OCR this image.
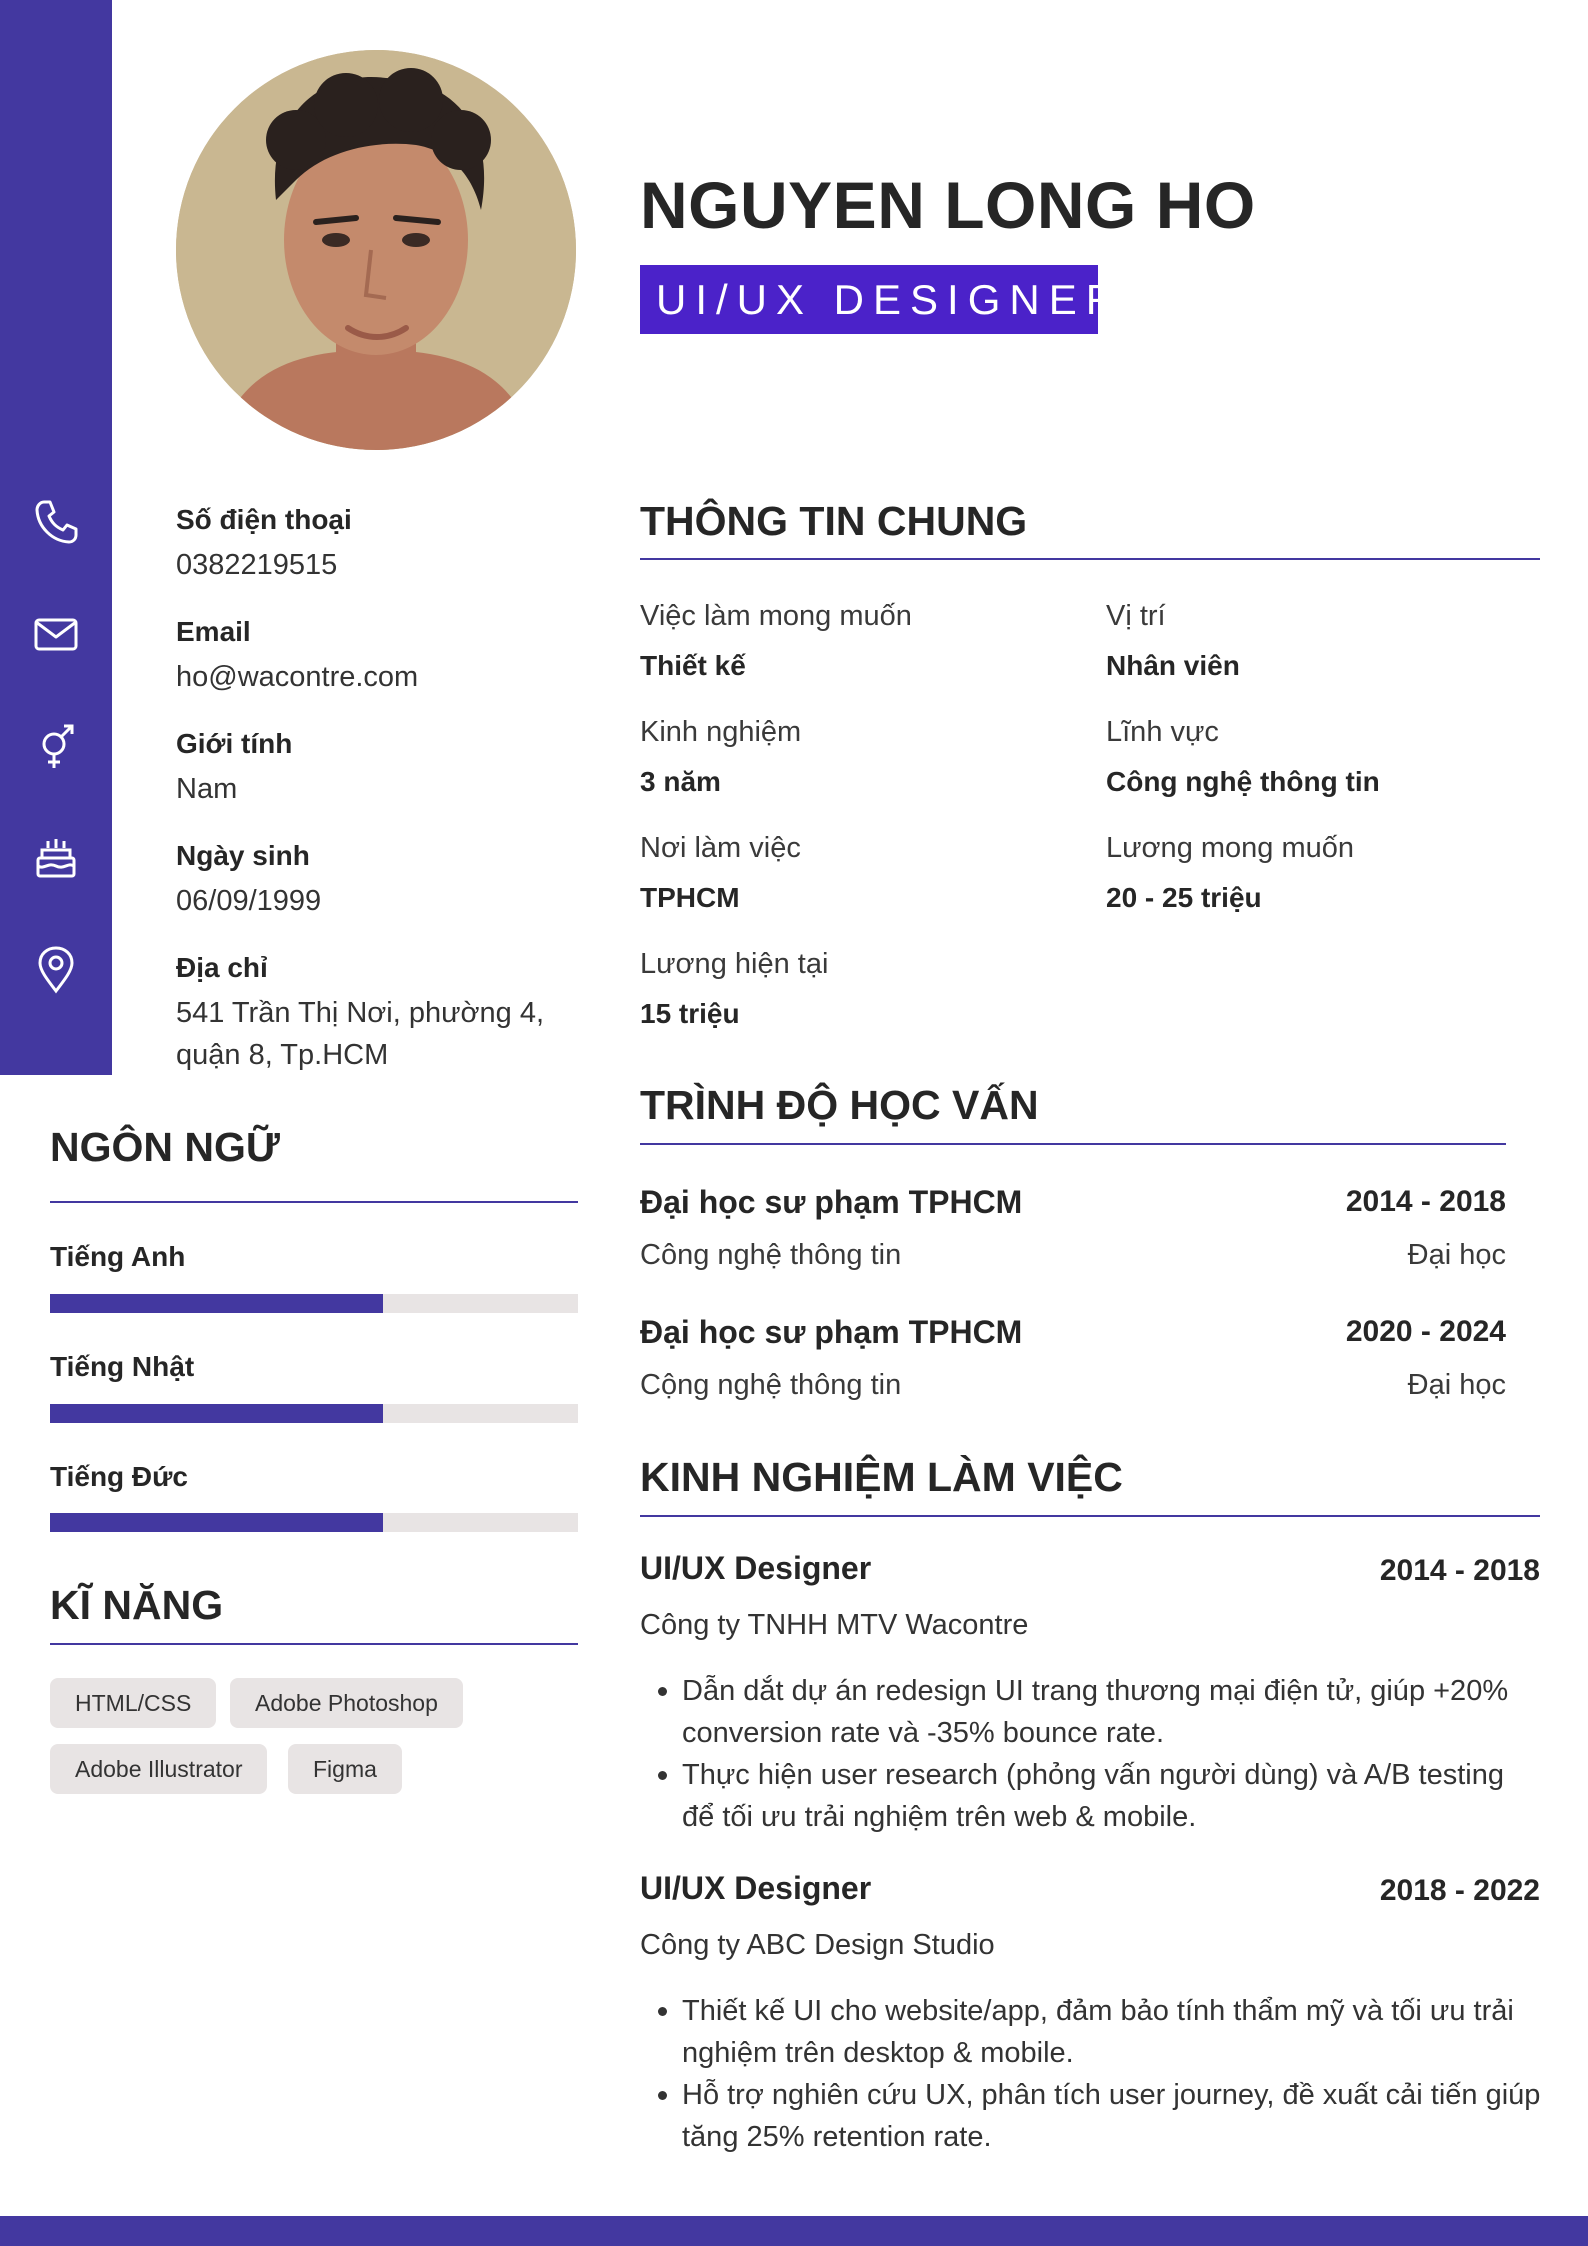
NGUYEN LONG HO
UI/UX DESIGNER
Số điện thoại
0382219515
Email
ho@wacontre.com
Giới tính
Nam
Ngày sinh
06/09/1999
Địa chỉ
541 Trần Thị Nơi, phường 4, quận 8, Tp.HCM
THÔNG TIN CHUNG
Việc làm mong muốn
Thiết kế
Vị trí
Nhân viên
Kinh nghiệm
3 năm
Lĩnh vực
Công nghệ thông tin
Nơi làm việc
TPHCM
Lương mong muốn
20 - 25 triệu
Lương hiện tại
15 triệu
NGÔN NGỮ
Tiếng Anh
Tiếng Nhật
Tiếng Đức
KĨ NĂNG
HTML/CSS	Adobe Photoshop
Adobe Illustrator	Figma
TRÌNH ĐỘ HỌC VẤN
Đại học sư phạm TPHCM	2014 - 2018
Công nghệ thông tin	Đại học
Đại học sư phạm TPHCM	2020 - 2024
Cộng nghệ thông tin	Đại học
KINH NGHIỆM LÀM VIỆC
UI/UX Designer	2014 - 2018
Công ty TNHH MTV Wacontre
Dẫn dắt dự án redesign UI trang thương mại điện tử, giúp +20% conversion rate và -35% bounce rate.
Thực hiện user research (phỏng vấn người dùng) và A/B testing để tối ưu trải nghiệm trên web & mobile.
UI/UX Designer	2018 - 2022
Công ty ABC Design Studio
Thiết kế UI cho website/app, đảm bảo tính thẩm mỹ và tối ưu trải nghiệm trên desktop & mobile.
Hỗ trợ nghiên cứu UX, phân tích user journey, đề xuất cải tiến giúp tăng 25% retention rate.
